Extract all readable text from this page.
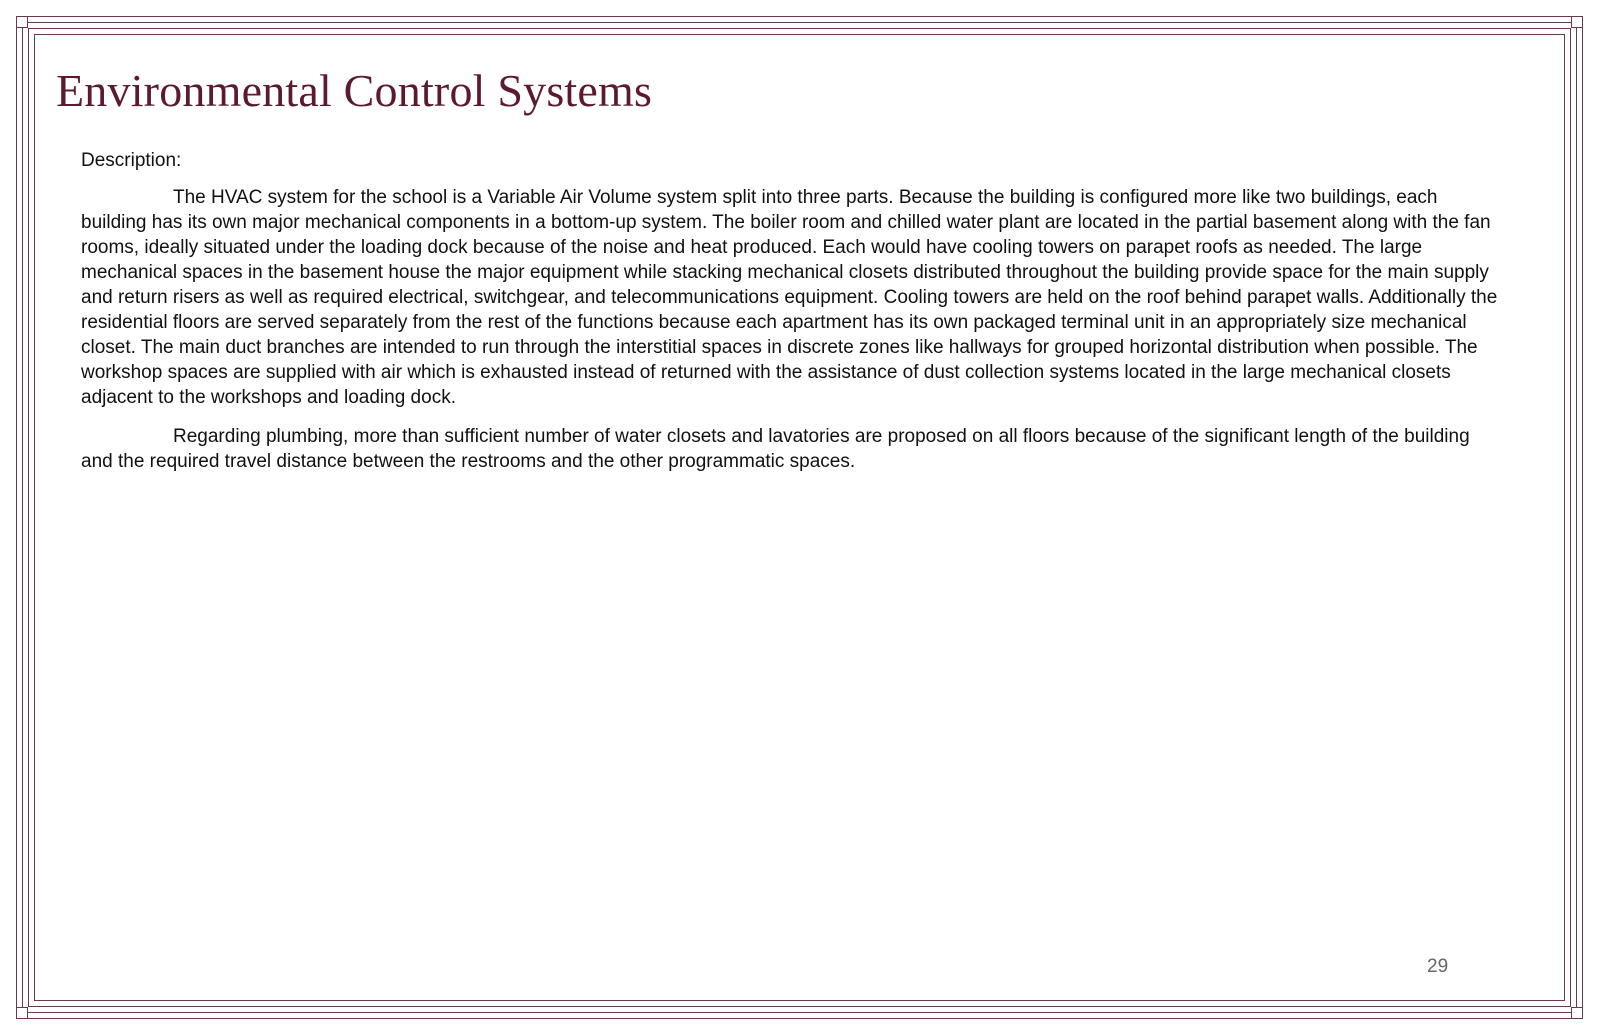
Environmental Control Systems

Description:

The HVAC system for the school is a Variable Air Volume system split into three parts. Because the building is configured more like two buildings, each building has its own major mechanical components in a bottom-up system. The boiler room and chilled water plant are located in the partial basement along with the fan rooms, ideally situated under the loading dock because of the noise and heat produced. Each would have cooling towers on parapet roofs as needed. The large mechanical spaces in the basement house the major equipment while stacking mechanical closets distributed throughout the building provide space for the main supply and return risers as well as required electrical, switchgear, and telecommunications equipment. Cooling towers are held on the roof behind parapet walls. Additionally the residential floors are served separately from the rest of the functions because each apartment has its own packaged terminal unit in an appropriately size mechanical closet. The main duct branches are intended to run through the interstitial spaces in discrete zones like hallways for grouped horizontal distribution when possible. The workshop spaces are supplied with air which is exhausted instead of returned with the assistance of dust collection systems located in the large mechanical closets adjacent to the workshops and loading dock.

Regarding plumbing, more than sufficient number of water closets and lavatories are proposed on all floors because of the significant length of the building and the required travel distance between the restrooms and the other programmatic spaces.

29
